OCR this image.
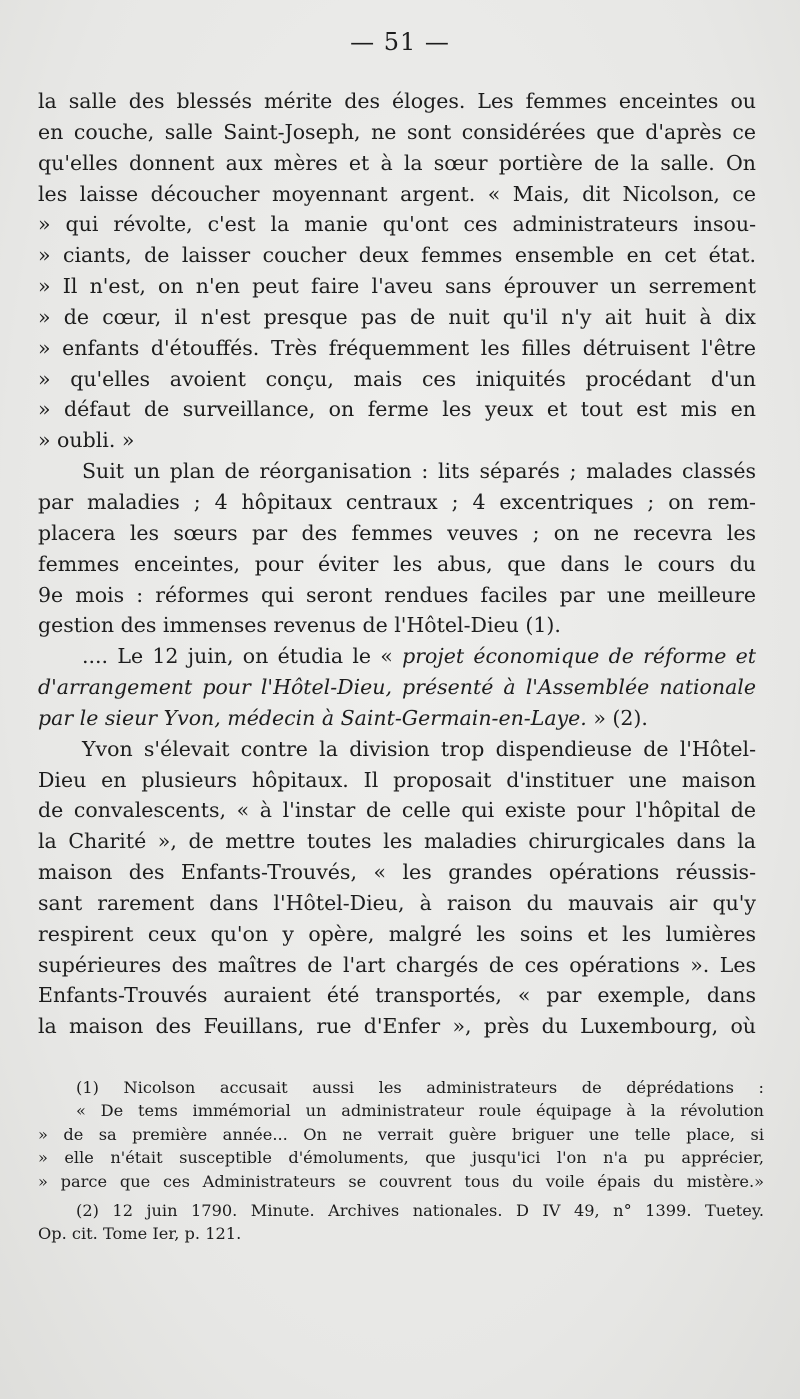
— 51 —
la salle des blessés mérite des éloges. Les femmes enceintes ou
en couche, salle Saint-Joseph, ne sont considérées que d'après ce
qu'elles donnent aux mères et à la sœur portière de la salle. On
les laisse découcher moyennant argent. « Mais, dit Nicolson, ce
» qui révolte, c'est la manie qu'ont ces administrateurs insou-
» ciants, de laisser coucher deux femmes ensemble en cet état.
» Il n'est, on n'en peut faire l'aveu sans éprouver un serrement
» de cœur, il n'est presque pas de nuit qu'il n'y ait huit à dix
» enfants d'étouffés. Très fréquemment les filles détruisent l'être
» qu'elles avoient conçu, mais ces iniquités procédant d'un
» défaut de surveillance, on ferme les yeux et tout est mis en
» oubli. »
Suit un plan de réorganisation : lits séparés ; malades classés
par maladies ; 4 hôpitaux centraux ; 4 excentriques ; on rem-
placera les sœurs par des femmes veuves ; on ne recevra les
femmes enceintes, pour éviter les abus, que dans le cours du
9e mois : réformes qui seront rendues faciles par une meilleure
gestion des immenses revenus de l'Hôtel-Dieu (1).
.... Le 12 juin, on étudia le « projet économique de réforme et
d'arrangement pour l'Hôtel-Dieu, présenté à l'Assemblée nationale
par le sieur Yvon, médecin à Saint-Germain-en-Laye. » (2).
Yvon s'élevait contre la division trop dispendieuse de l'Hôtel-
Dieu en plusieurs hôpitaux. Il proposait d'instituer une maison
de convalescents, « à l'instar de celle qui existe pour l'hôpital de
la Charité », de mettre toutes les maladies chirurgicales dans la
maison des Enfants-Trouvés, « les grandes opérations réussis-
sant rarement dans l'Hôtel-Dieu, à raison du mauvais air qu'y
respirent ceux qu'on y opère, malgré les soins et les lumières
supérieures des maîtres de l'art chargés de ces opérations ». Les
Enfants-Trouvés auraient été transportés, « par exemple, dans
la maison des Feuillans, rue d'Enfer », près du Luxembourg, où
(1) Nicolson accusait aussi les administrateurs de déprédations :
« De tems immémorial un administrateur roule équipage à la révolution
» de sa première année... On ne verrait guère briguer une telle place, si
» elle n'était susceptible d'émoluments, que jusqu'ici l'on n'a pu apprécier,
» parce que ces Administrateurs se couvrent tous du voile épais du mistère.»
(2) 12 juin 1790. Minute. Archives nationales. D IV 49, n° 1399. Tuetey.
Op. cit. Tome Ier, p. 121.
